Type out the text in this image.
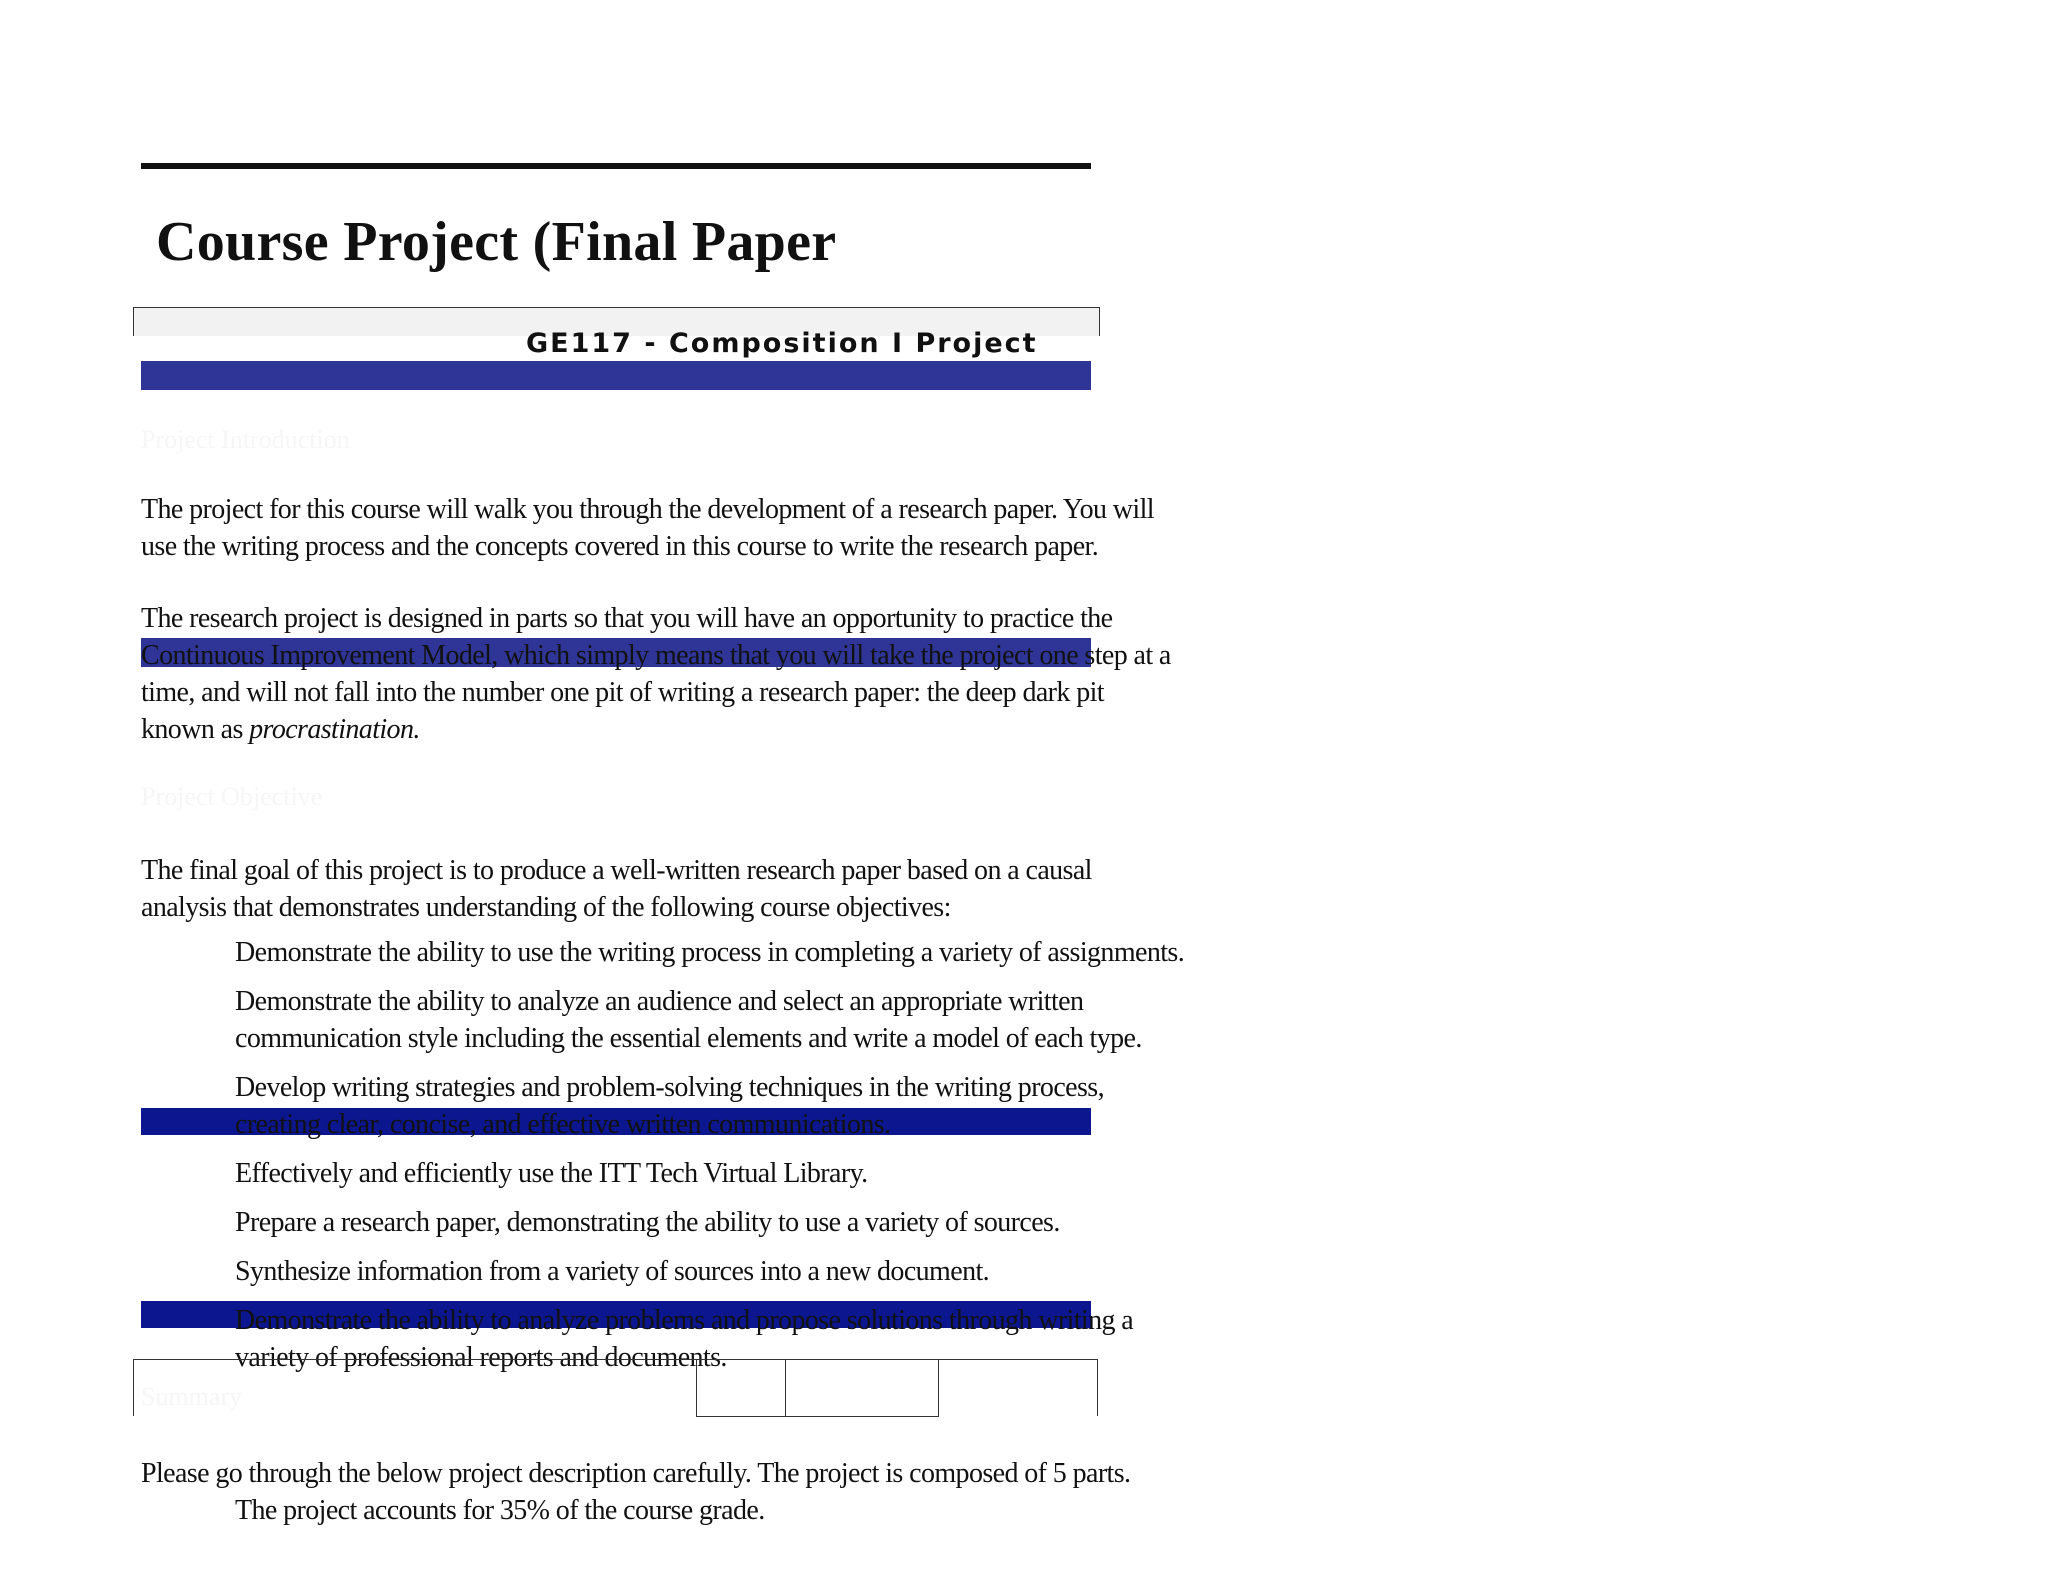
Course Project (Final Paper
GE117 - Composition I Project
Project Introduction
The project for this course will walk you through the development of a research paper. You will
use the writing process and the concepts covered in this course to write the research paper.
The research project is designed in parts so that you will have an opportunity to practice the
Continuous Improvement Model, which simply means that you will take the project one step at a
time, and will not fall into the number one pit of writing a research paper: the deep dark pit
known as procrastination.
Project Objective
The final goal of this project is to produce a well-written research paper based on a causal
analysis that demonstrates understanding of the following course objectives:
Demonstrate the ability to use the writing process in completing a variety of assignments.
Demonstrate the ability to analyze an audience and select an appropriate written
communication style including the essential elements and write a model of each type.
Develop writing strategies and problem-solving techniques in the writing process,
creating clear, concise, and effective written communications.
Effectively and efficiently use the ITT Tech Virtual Library.
Prepare a research paper, demonstrating the ability to use a variety of sources.
Synthesize information from a variety of sources into a new document.
Demonstrate the ability to analyze problems and propose solutions through writing a
variety of professional reports and documents.
Summary
Please go through the below project description carefully. The project is composed of 5 parts.
The project accounts for 35% of the course grade.
